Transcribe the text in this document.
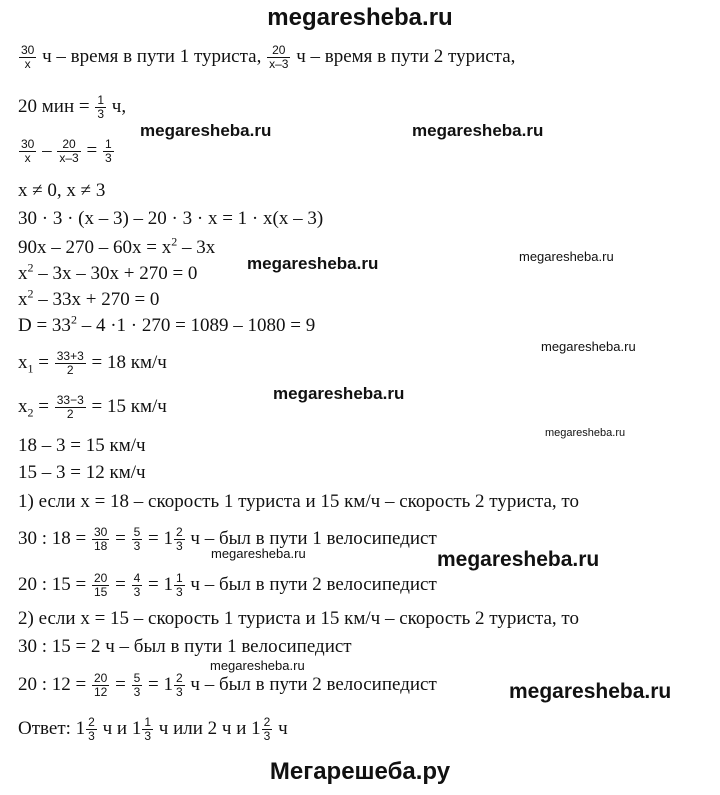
megaresheba.ru
$\frac{30}{x}$ ч – время в пути 1 туриста, $\frac{20}{x-3}$ ч – время в пути 2 туриста,
20 мин = $\frac{1}{3} ч$,
$\frac{30}{x} - \frac{20}{x-3} = \frac{1}{3}$
x ≠ 0, x ≠ 3
30 · 3 · (x – 3) – 20 · 3 · x = 1 · x(x – 3)
$90x - 270 - 60x = x^2 - 3x$
$x^2 - 3x - 30x + 270 = 0$
$x^2 - 33x + 270 = 0$
$D = 33^2 - 4 \cdot 1 \cdot 270 = 1089 - 1080 = 9$
$x_1 = \frac{33+3}{2} = 18$ км/ч
$x_2 = \frac{33-3}{2} = 15$ км/ч
18 – 3 = 15 км/ч
15 – 3 = 12 км/ч
1) если x = 18 – скорость 1 туриста и 15 км/ч – скорость 2 туриста, то
30 : $18 = \frac{30}{18} = \frac{5}{3} = 1 \frac{2}{3}$ ч – был в пути 1 велосипедист
20 : $15 = \frac{20}{15} = \frac{4}{3} = 1 \frac{1}{3}$ ч – был в пути 2 велосипедист
2) если x = 15 – скорость 1 туриста и 15 км/ч – скорость 2 туриста, то
30 : 15 = 2 ч – был в пути 1 велосипедист
20 : $12 = \frac{20}{12} = \frac{5}{3} = 1 \frac{2}{3}$ ч – был в пути 2 велосипедист
Ответ: $1 \frac{2}{3}$ ч и $1 \frac{1}{3}$ ч или 2 ч и $1 \frac{2}{3}$ ч
megaresheba.ru	megaresheba.ru
megaresheba.ru	megaresheba.ru
megaresheba.ru
megaresheba.ru
megaresheba.ru
megaresheba.ru	megaresheba.ru
megaresheba.ru
megaresheba.ru
Мегарешеба.ру
